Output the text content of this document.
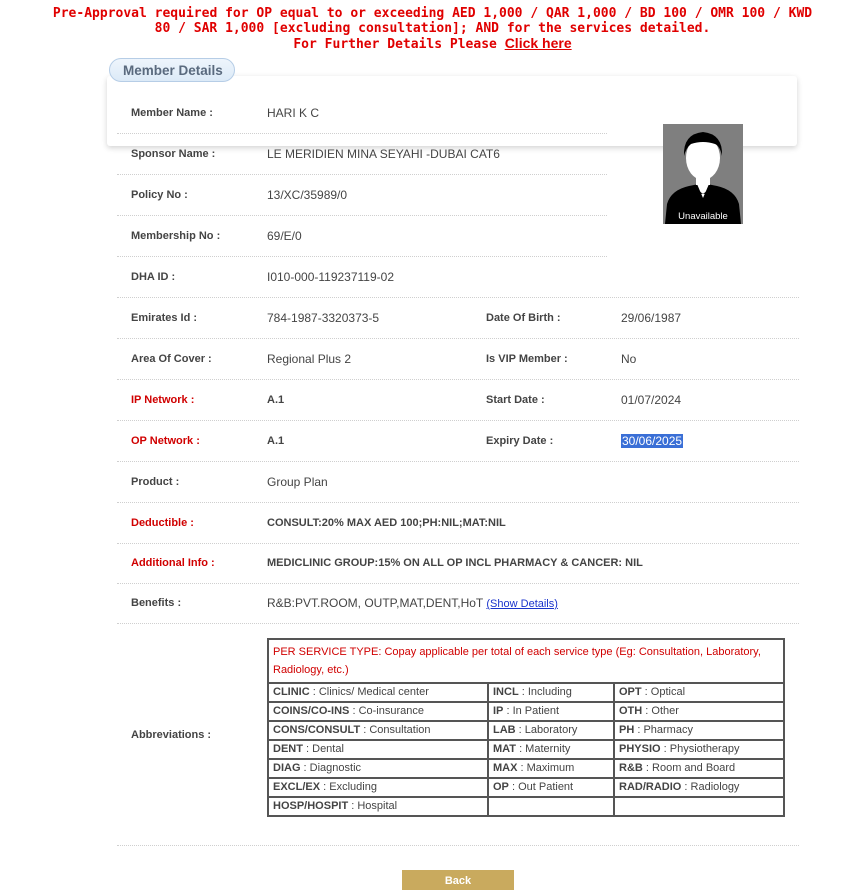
Pre-Approval required for OP equal to or exceeding AED 1,000 / QAR 1,000 / BD 100 / OMR 100 / KWD
80 / SAR 1,000 [excluding consultation]; AND for the services detailed.
For Further Details Please Click here
Member Details
Unavailable
Member Name :	HARI K C
Sponsor Name :	LE MERIDIEN MINA SEYAHI -DUBAI CAT6
Policy No :	13/XC/35989/0
Membership No :	69/E/0
DHA ID :	I010-000-119237119-02
Emirates Id :	784-1987-3320373-5	Date Of Birth :	29/06/1987
Area Of Cover :	Regional Plus 2	Is VIP Member :	No
IP Network :	A.1	Start Date :	01/07/2024
OP Network :	A.1	Expiry Date :	30/06/2025
Product :	Group Plan
Deductible :	CONSULT:20% MAX AED 100;PH:NIL;MAT:NIL
Additional Info :	MEDICLINIC GROUP:15% ON ALL OP INCL PHARMACY & CANCER: NIL
Benefits :	R&B:PVT.ROOM, OUTP,MAT,DENT,HoT (Show Details)
Abbreviations :
PER SERVICE TYPE: Copay applicable per total of each service type (Eg: Consultation, Laboratory, Radiology, etc.)		
CLINIC : Clinics/ Medical center	INCL : Including	OPT : Optical
COINS/CO-INS : Co-insurance	IP : In Patient	OTH : Other
CONS/CONSULT : Consultation	LAB : Laboratory	PH : Pharmacy
DENT : Dental	MAT : Maternity	PHYSIO : Physiotherapy
DIAG : Diagnostic	MAX : Maximum	R&B : Room and Board
EXCL/EX : Excluding	OP : Out Patient	RAD/RADIO : Radiology
HOSP/HOSPIT : Hospital		
Back
